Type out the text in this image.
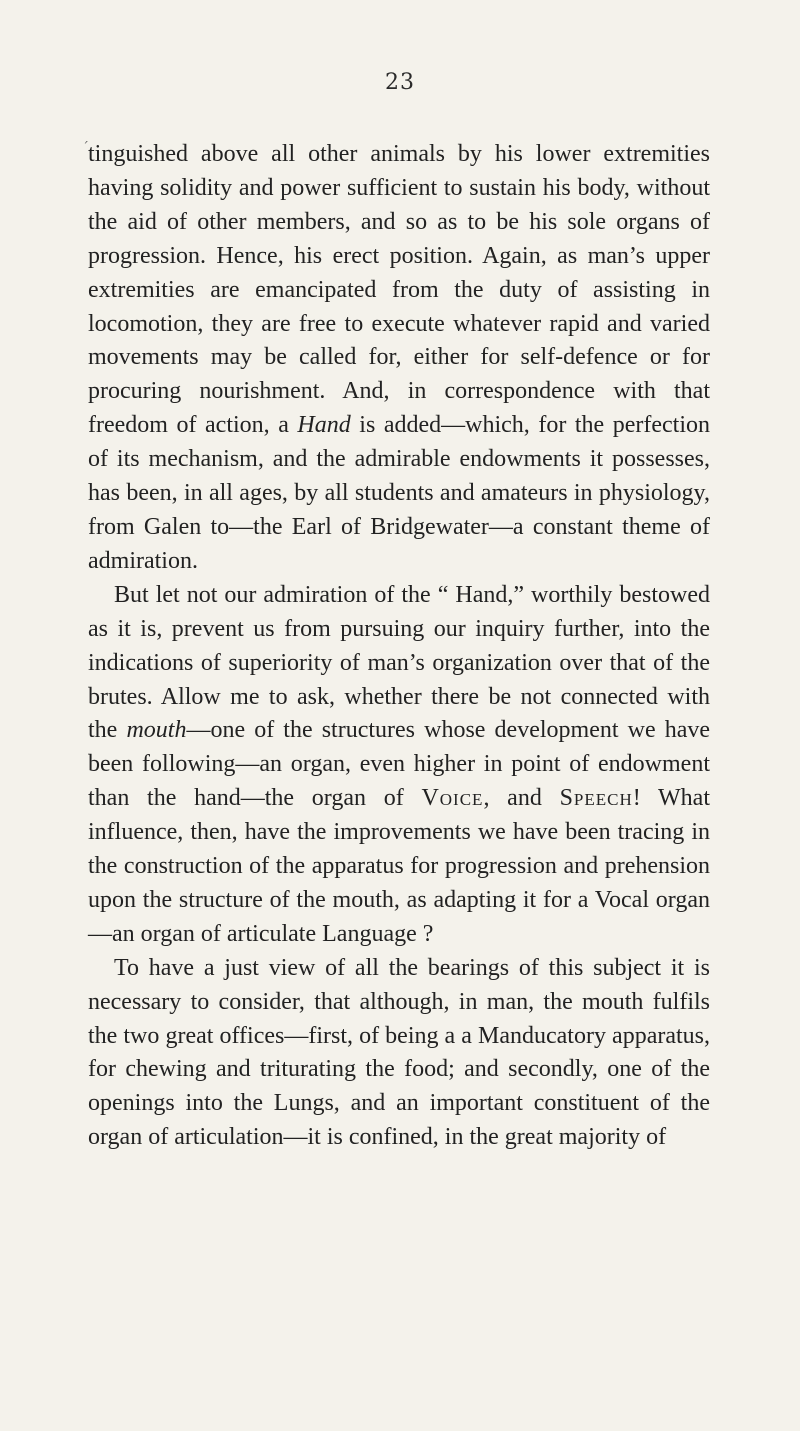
23
ˊ tinguished above all other animals by his lower extremities having solidity and power sufficient to sustain his body, without the aid of other members, and so as to be his sole organs of progression. Hence, his erect position. Again, as man’s upper extremities are emancipated from the duty of assisting in locomotion, they are free to execute whatever rapid and varied movements may be called for, either for self-defence or for procuring nourishment. And, in correspondence with that freedom of action, a Hand is added—which, for the perfection of its mechanism, and the admirable endowments it possesses, has been, in all ages, by all students and amateurs in physiology, from Galen to—the Earl of Bridgewater—a constant theme of admiration.

But let not our admiration of the “ Hand,” worthily bestowed as it is, prevent us from pursuing our inquiry further, into the indications of superiority of man’s organization over that of the brutes. Allow me to ask, whether there be not connected with the mouth—one of the structures whose development we have been following—an organ, even higher in point of endowment than the hand—the organ of Voice, and Speech! What influence, then, have the improvements we have been tracing in the construction of the apparatus for progression and prehension upon the structure of the mouth, as adapting it for a Vocal organ—an organ of articulate Language ?

To have a just view of all the bearings of this subject it is necessary to consider, that although, in man, the mouth fulfils the two great offices—first, of being a a Manducatory apparatus, for chewing and triturating the food; and secondly, one of the openings into the Lungs, and an important constituent of the organ of articulation—it is confined, in the great majority of
